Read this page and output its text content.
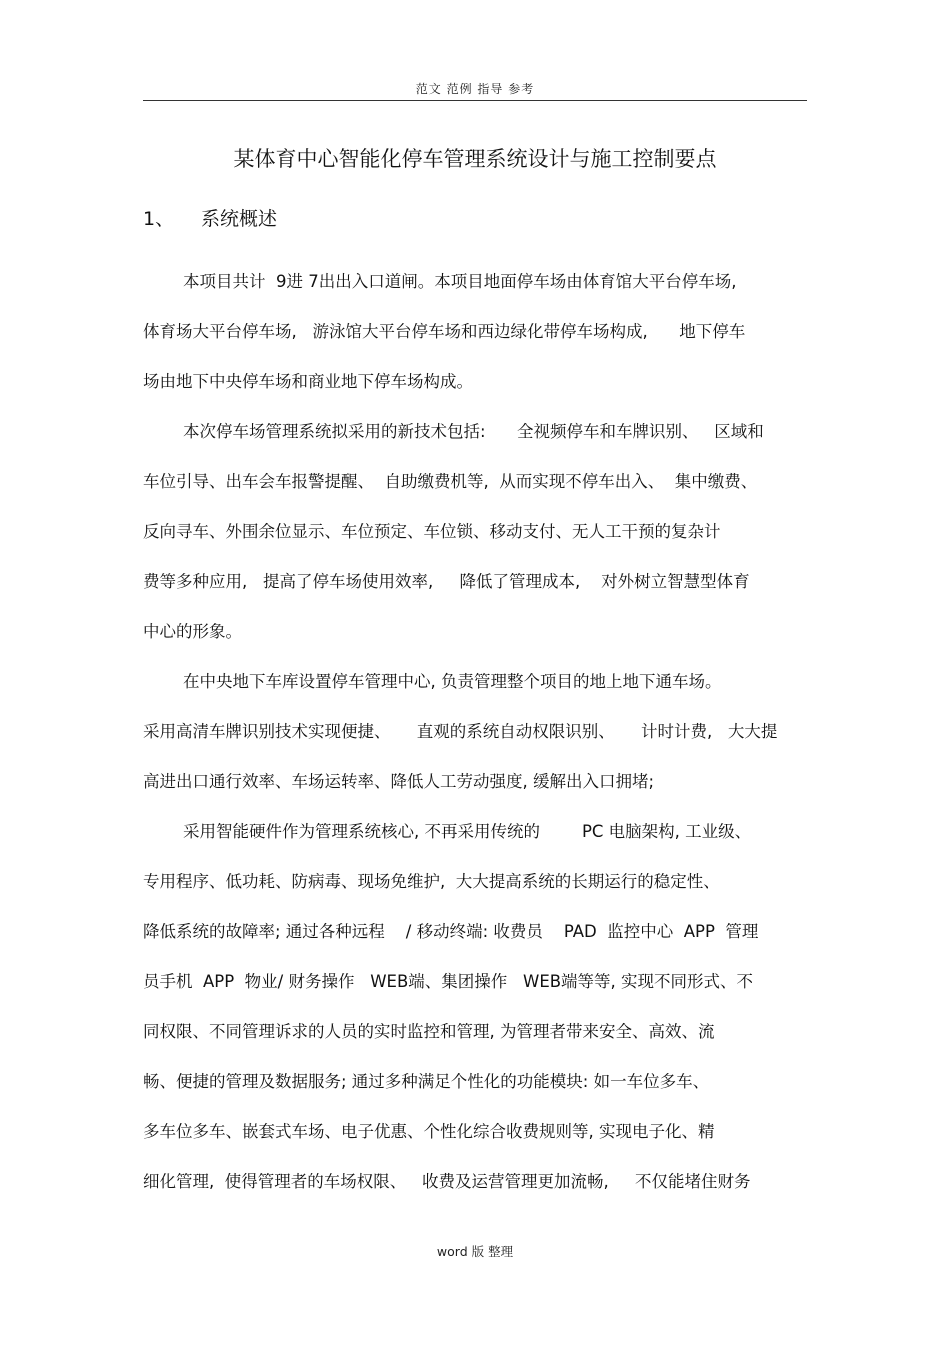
范文 范例 指导 参考
某体育中心智能化停车管理系统设计与施工控制要点
1、 系统概述
本项目共计  9进 7出出入口道闸。本项目地面停车场由体育馆大平台停车场,
体育场大平台停车场,   游泳馆大平台停车场和西边绿化带停车场构成,      地下停车
场由地下中央停车场和商业地下停车场构成。
本次停车场管理系统拟采用的新技术包括:      全视频停车和车牌识别、   区域和
车位引导、出车会车报警提醒、  自助缴费机等,  从而实现不停车出入、  集中缴费、
反向寻车、外围余位显示、车位预定、车位锁、移动支付、无人工干预的复杂计
费等多种应用,   提高了停车场使用效率,     降低了管理成本,    对外树立智慧型体育
中心的形象。
在中央地下车库设置停车管理中心, 负责管理整个项目的地上地下通车场。
采用高清车牌识别技术实现便捷、     直观的系统自动权限识别、     计时计费,   大大提
高进出口通行效率、车场运转率、降低人工劳动强度, 缓解出入口拥堵;
采用智能硬件作为管理系统核心, 不再采用传统的        PC 电脑架构, 工业级、
专用程序、低功耗、防病毒、现场免维护,  大大提高系统的长期运行的稳定性、
降低系统的故障率; 通过各种远程    / 移动终端: 收费员    PAD  监控中心  APP  管理
员手机  APP  物业/ 财务操作   WEB端、集团操作   WEB端等等, 实现不同形式、不
同权限、不同管理诉求的人员的实时监控和管理, 为管理者带来安全、高效、流
畅、便捷的管理及数据服务; 通过多种满足个性化的功能模块: 如一车位多车、
多车位多车、嵌套式车场、电子优惠、个性化综合收费规则等, 实现电子化、精
细化管理,  使得管理者的车场权限、   收费及运营管理更加流畅,     不仅能堵住财务
word 版 整理
